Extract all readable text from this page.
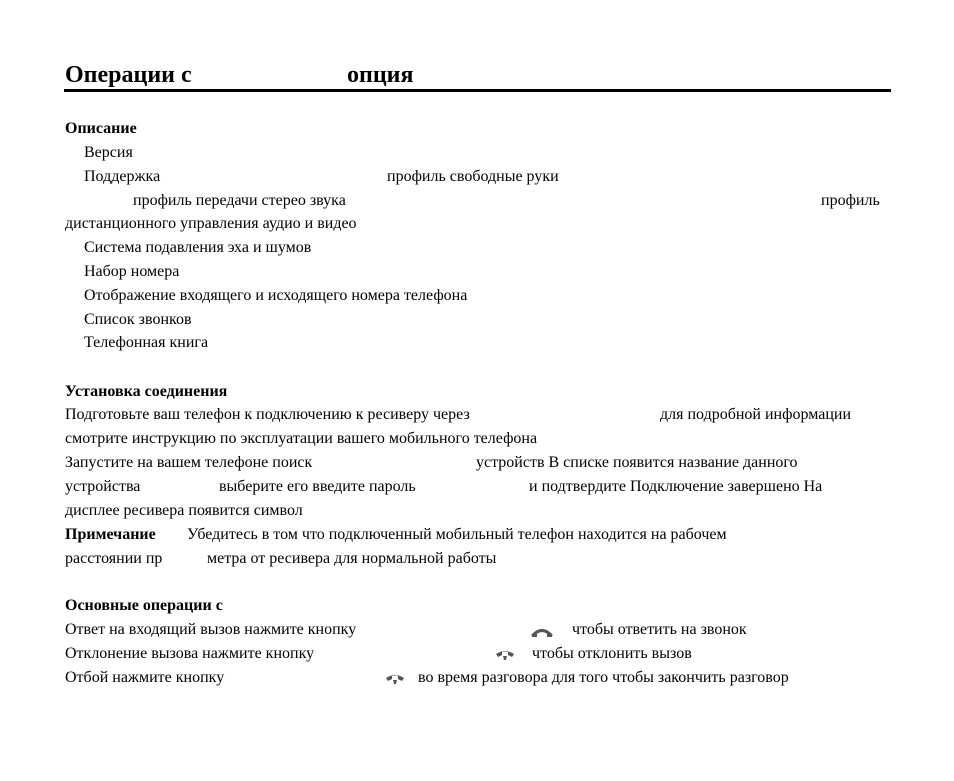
Операции с	опция
Описание
Версия
Поддержка	профиль свободные руки
профиль передачи стерео звука	профиль
дистанционного управления аудио и видео
Система подавления эха и шумов
Набор номера
Отображение входящего и исходящего номера телефона
Список звонков
Телефонная книга
Установка соединения
Подготовьте ваш телефон к подключению к ресиверу через	для подробной информации
смотрите инструкцию по эксплуатации вашего мобильного телефона
Запустите на вашем телефоне поиск	устройств В списке появится название данного
устройства	выберите его введите пароль	и подтвердите Подключение завершено На
дисплее ресивера появится символ
Примечание Убедитесь в том что подключенный мобильный телефон находится на рабочем
расстоянии пр	метра от ресивера для нормальной работы
Основные операции с
Ответ на входящий вызов нажмите кнопку	чтобы ответить на звонок
Отклонение вызова нажмите кнопку	чтобы отклонить вызов
Отбой нажмите кнопку	во время разговора для того чтобы закончить разговор
